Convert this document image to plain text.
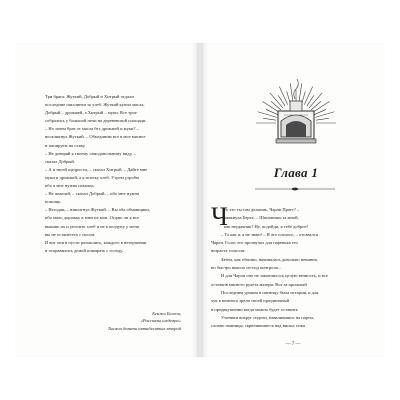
Три брата: Жуткий, Добрый и Хитрый отдали
последние шиллинги за хлеб. Жуткий купил масла,
Добрый – дрожжей, а Хитрый – муки. Все трое
собрались у большой печи на деревенской площади.
– Но зачем брат от масла без дрожжей и муки? –
воскликнул Жуткий. – Объединим все в мое мясное
и попируем на славу.
– Не доверяй я твоему самодовольному виду, –
сказал Добрый.
– А я твоей щедрости, – сказал Хитрый. – Дайте мне
муки и дрожжей, а я испеку хлеб. Утром утробы
ибо я мне нужна помощь.
– Не жмотий, – сказал Добрый, – ибо мне нужна
помощь.
– Негодяи, – взвилгнул Жуткий. – Вы оба обманщики,
ибо мало дорожку в многие мои. Отдаю ли я все
выкинь их и уносить хлеб и не к колдуну у меня
вы не останетесь с носом.
И вот они в пусти разошлись, каждого в нетерпении
и отправились демой помирать с голоду.
Бенжи Белгон,
«Рассказы шедевра»
Тысяча девяти пятидесятых второй
Глава 1
Ч
то это ты там делаешь, Чарли Пратт? –
рявкнула Берта. – Шпионишь за мной,
как неудачник? Ну, подойди, я тебе доброе!
– То как я, я не знаю! – Я это плохого, – отозвался
Чарли. Голос его прозвучал для паренька его
возраста голосом.
Затем, как обычно, начиналась довольно невинно,
но быстро вышло из-под контроля...
И для Чарли оно не закончилось целую вечность, и все
остатков мясного рулета матери. Вот за прошлый
Последним уроком в пятницу была история, и для
хук в немного зрели своей праздничный
в предвкушении когда можно будет оставить
Ученики вокруг сидели, навалившись на парты,
словно пьяницы, скрючившиеся над виски, пока
— 7 —
